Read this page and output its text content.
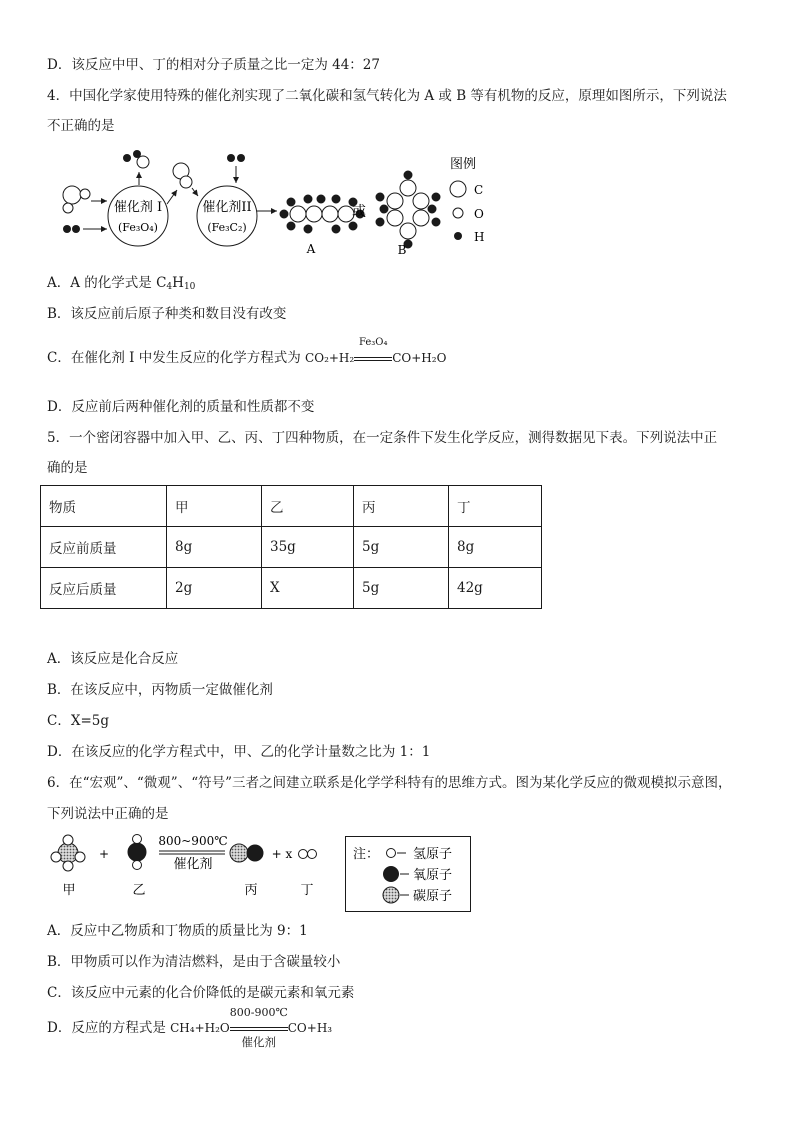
D．该反应中甲、丁的相对分子质量之比一定为 44：27
4．中国化学家使用特殊的催化剂实现了二氧化碳和氢气转化为 A 或 B 等有机物的反应，原理如图所示，下列说法
不正确的是
催化剂 I
(Fe₃O₄)
催化剂II
(Fe₃C₂)
A
或
B
图例
C
O
H
A．A 的化学式是 $C_4H_{10}$
B．该反应前后原子种类和数目没有改变
C．在催化剂 I 中发生反应的化学方程式为 CO₂+H₂
Fe₃O₄
CO+H₂O
D．反应前后两种催化剂的质量和性质都不变
5．一个密闭容器中加入甲、乙、丙、丁四种物质，在一定条件下发生化学反应，测得数据见下表。下列说法中正
确的是
物质	甲	乙	丙	丁
反应前质量	8g	35g	5g	8g
反应后质量	2g	X	5g	42g
A．该反应是化合反应
B．在该反应中，丙物质一定做催化剂
C．X=5g
D．在该反应的化学方程式中，甲、乙的化学计量数之比为 1：1
6．在“宏观”、“微观”、“符号”三者之间建立联系是化学学科特有的思维方式。图为某化学反应的微观模拟示意图，
下列说法中正确的是
+
800~900℃
催化剂
+ x
甲	乙	丙	丁
注：	氢原子
氧原子
碳原子
A．反应中乙物质和丁物质的质量比为 9：1
B．甲物质可以作为清洁燃料，是由于含碳量较小
C．该反应中元素的化合价降低的是碳元素和氧元素
D．反应的方程式是 CH₄+H₂O
800-900℃
催化剂
CO+H₃
